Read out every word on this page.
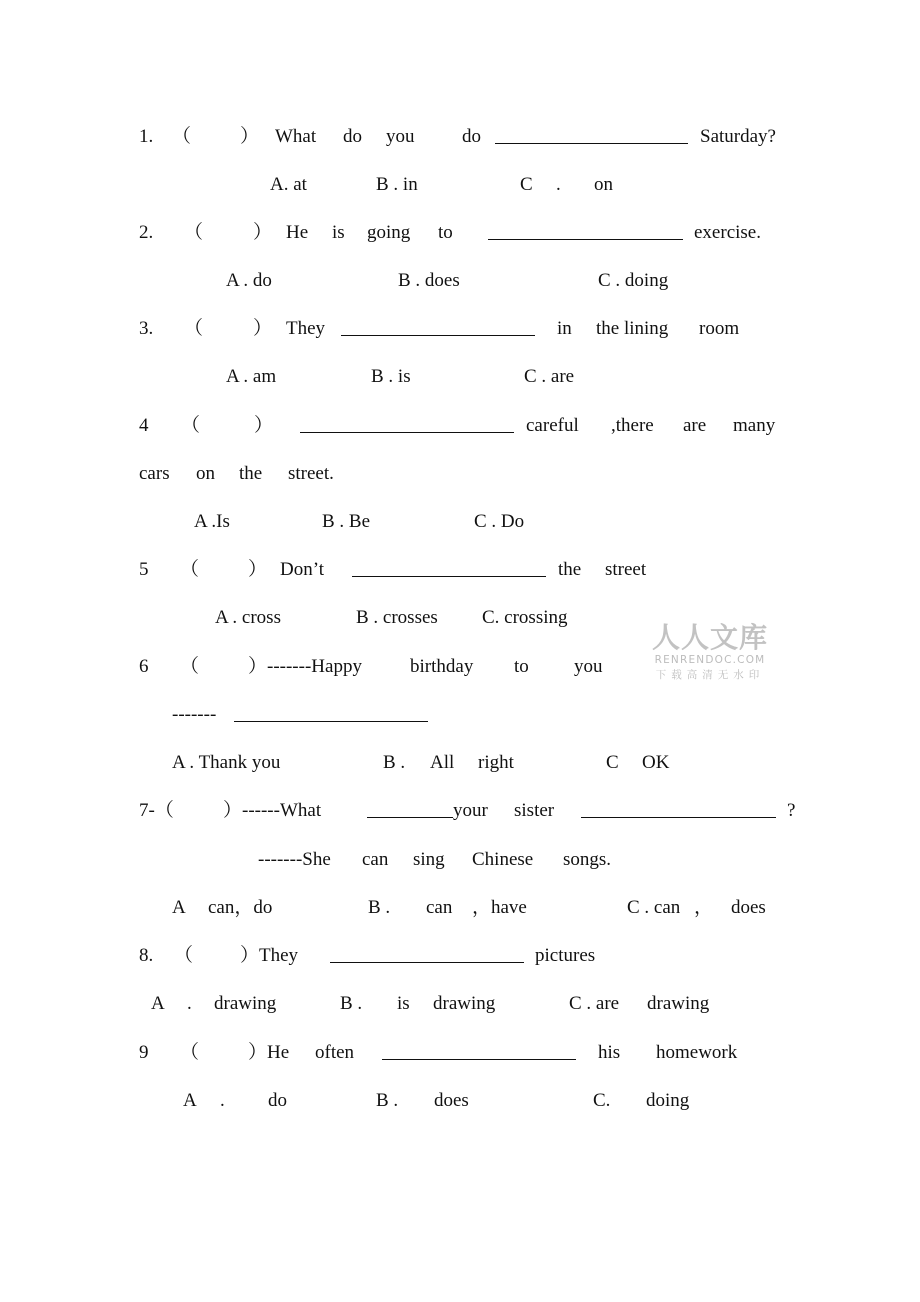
1. （	） What do you	do	Saturday?
A. at	B . in	C . on
2. （	） He is going to	exercise.
A . do	B . does	C . doing
3. （	） They	in the lining room
A . am	B . is	C . are
4 （	）	careful ,there are many
cars on the street.
A .Is	B . Be	C . Do
5 （	） Don’t	the street
A . cross	B . crosses C. crossing
6 （	）-------Happy	birthday to you
-------
A . Thank you	B . All right	C OK
7-（	）------What	your sister	?
-------She can sing Chinese songs.
A can，do	B . can ，have	C . can ， does
8. （ ）They	pictures
A . drawing	B . is drawing	C . are drawing
9 （	）He often	his homework
A . do	B . does	C. doing
人人文库
RENRENDOC.COM
下载高清无水印
